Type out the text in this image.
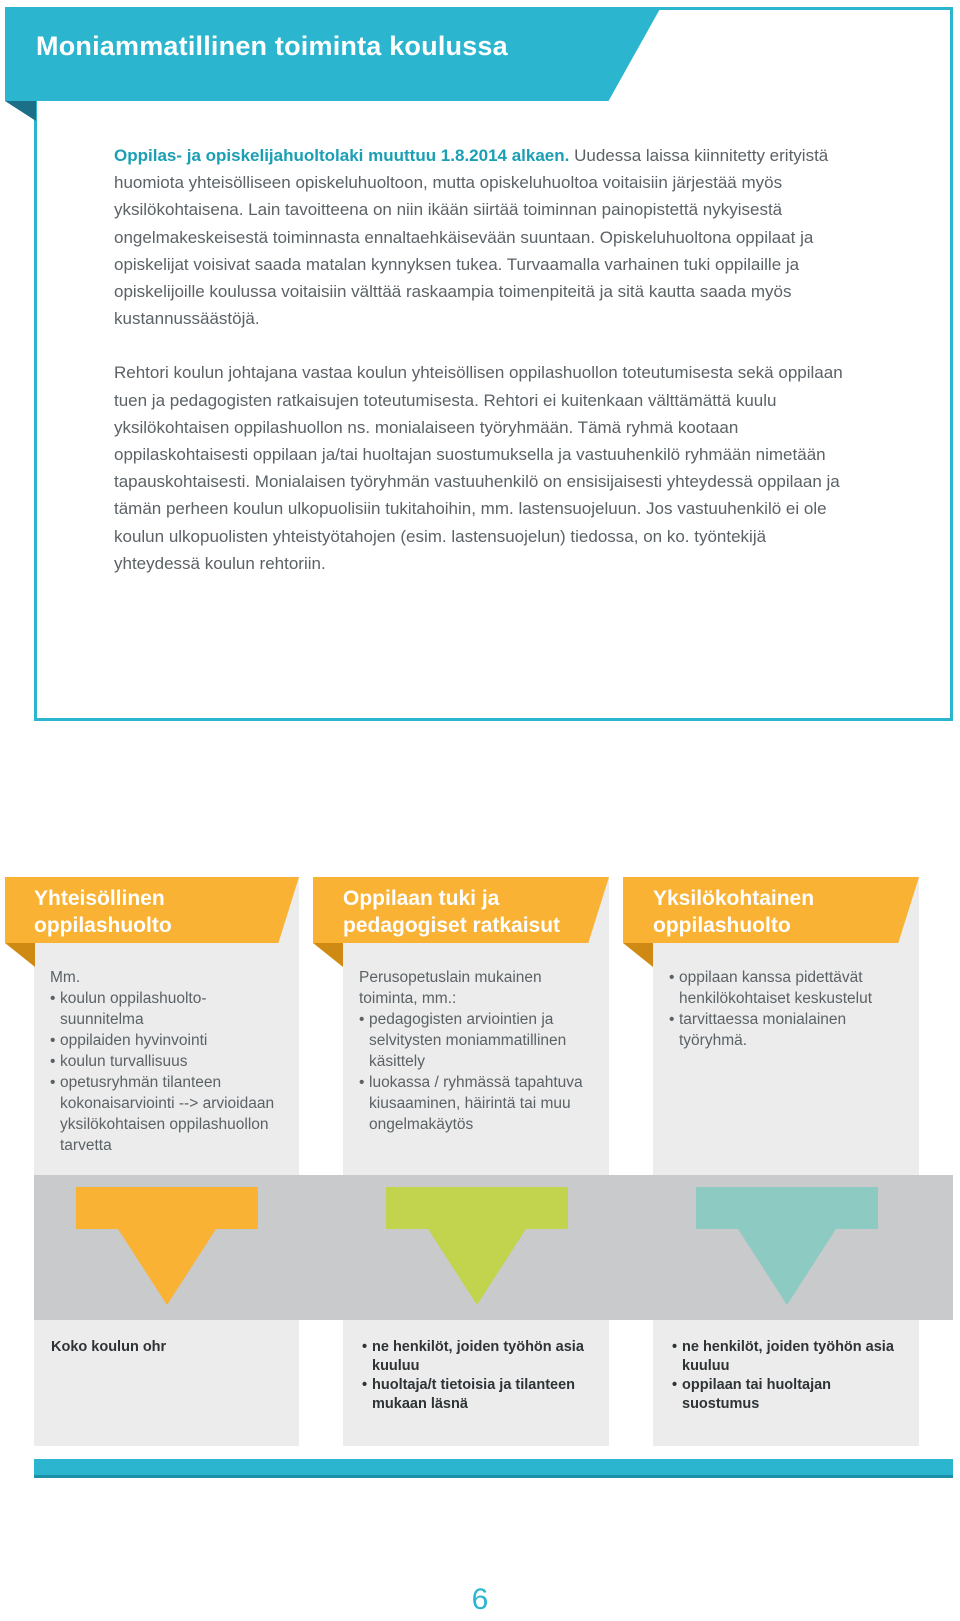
Moniammatillinen toiminta koulussa

Oppilas- ja opiskelijahuoltolaki muuttuu 1.8.2014 alkaen. Uudessa laissa kiinnitetty erityistä huomiota yhteisölliseen opiskeluhuoltoon, mutta opiskeluhuoltoa voitaisiin järjestää myös yksilökohtaisena. Lain tavoitteena on niin ikään siirtää toiminnan painopistettä nykyisestä ongelmakeskeisestä toiminnasta ennaltaehkäisevään suuntaan. Opiskeluhuoltona oppilaat ja opiskelijat voisivat saada matalan kynnyksen tukea. Turvaamalla varhainen tuki oppilaille ja opiskelijoille koulussa voitaisiin välttää raskaampia toimenpiteitä ja sitä kautta saada myös kustannussäästöjä.

Rehtori koulun johtajana vastaa koulun yhteisöllisen oppilashuollon toteutumisesta sekä oppilaan tuen ja pedagogisten ratkaisujen toteutumisesta. Rehtori ei kuitenkaan välttämättä kuulu yksilökohtaisen oppilashuollon ns. monialaiseen työryhmään. Tämä ryhmä kootaan oppilaskohtaisesti oppilaan ja/tai huoltajan suostumuksella ja vastuuhenkilö ryhmään nimetään tapauskohtaisesti. Monialaisen työryhmän vastuuhenkilö on ensisijaisesti yhteydessä oppilaan ja tämän perheen koulun ulkopuolisiin tukitahoihin, mm. lastensuojeluun. Jos vastuuhenkilö ei ole koulun ulkopuolisten yhteistyötahojen (esim. lastensuojelun) tiedossa, on ko. työntekijä yhteydessä koulun rehtoriin.

Yhteisöllinen
oppilashuolto
Oppilaan tuki ja
pedagogiset ratkaisut
Yksilökohtainen
oppilashuolto
Mm.
• koulun oppilashuolto-suunnitelma
• oppilaiden hyvinvointi
• koulun turvallisuus
• opetusryhmän tilanteen kokonaisarviointi --> arvioidaan yksilökohtaisen oppilashuollon tarvetta
Perusopetuslain mukainen toiminta, mm.:
• pedagogisten arviointien ja selvitysten moniammatillinen käsittely
• luokassa / ryhmässä tapahtuva kiusaaminen, häirintä tai muu ongelmakäytös
• oppilaan kanssa pidettävät henkilökohtaiset keskustelut
• tarvittaessa monialainen työryhmä.
Koko koulun ohr
•	ne henkilöt, joiden työhön asia kuuluu
• huoltaja/t tietoisia ja tilanteen mukaan läsnä
• ne henkilöt, joiden työhön asia kuuluu
• oppilaan tai huoltajan suostumus
6
